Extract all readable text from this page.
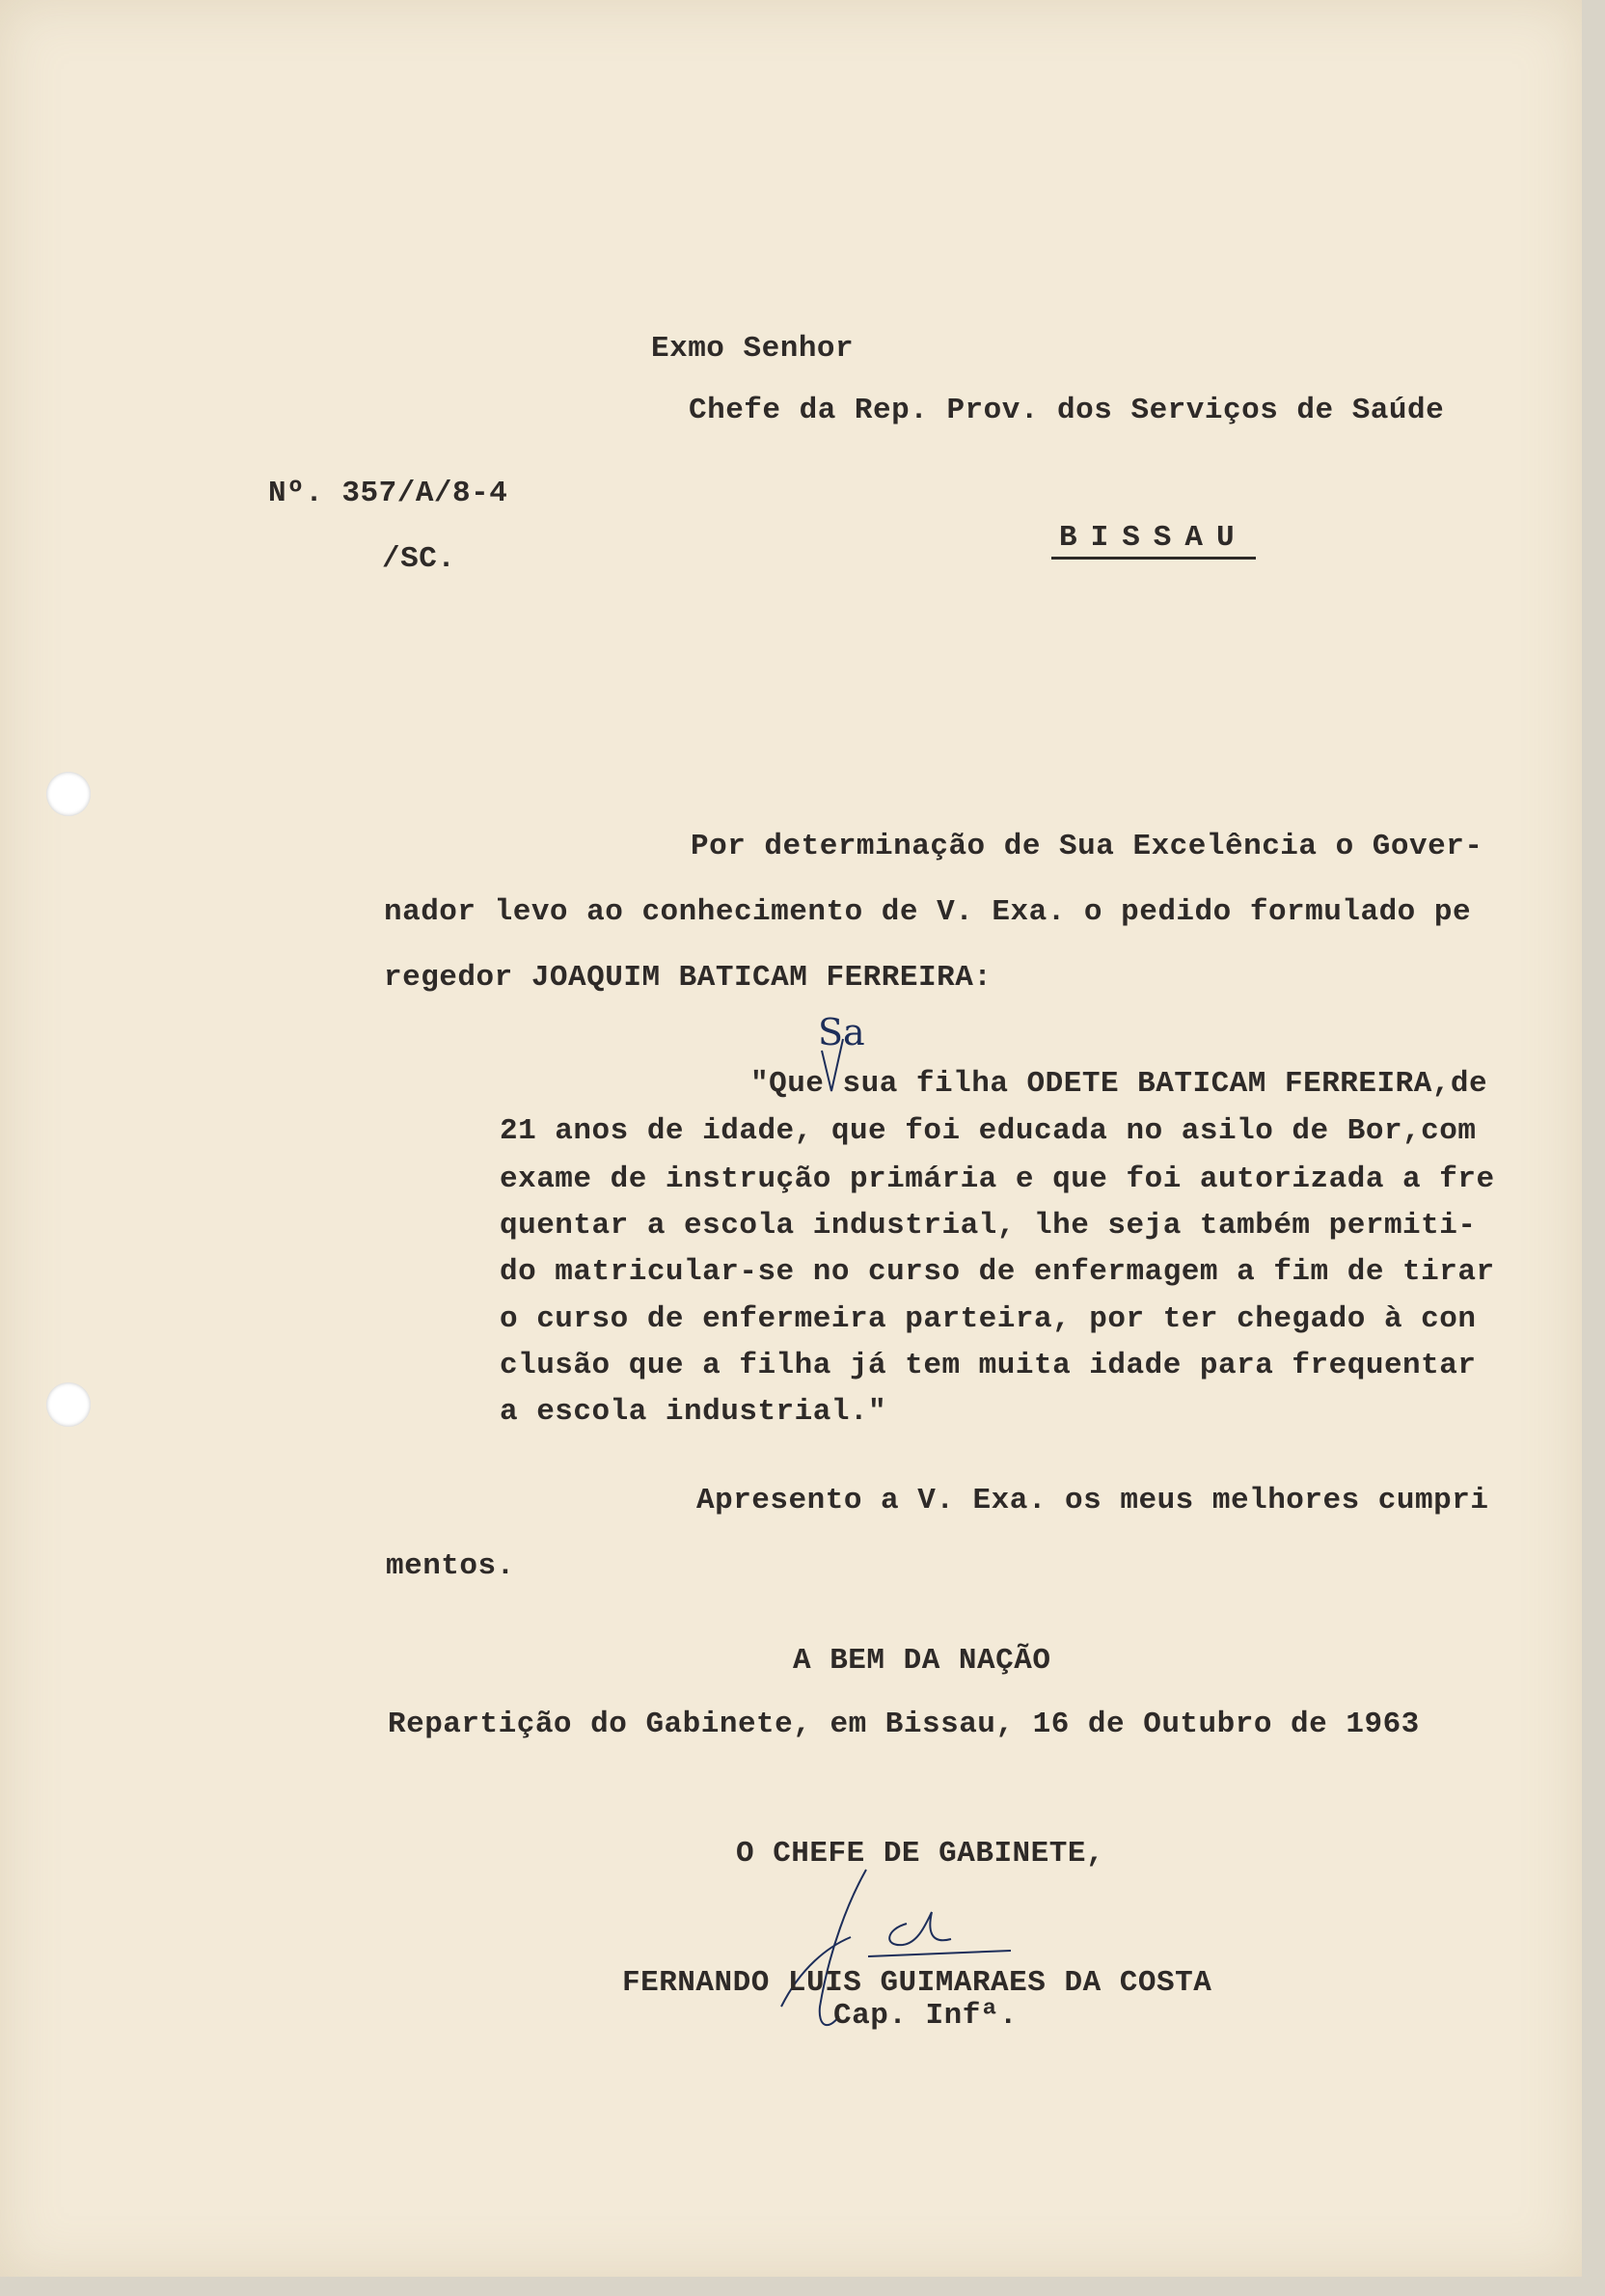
Exmo Senhor
Chefe da Rep. Prov. dos Serviços de Saúde
Nº. 357/A/8-4
/SC.
BISSAU
Por determinação de Sua Excelência o Gover-
nador levo ao conhecimento de V. Exa. o pedido formulado pe
regedor JOAQUIM BATICAM FERREIRA:
Sa
"Que sua filha ODETE BATICAM FERREIRA,de
21 anos de idade, que foi educada no asilo de Bor,com
exame de instrução primária e que foi autorizada a fre
quentar a escola industrial, lhe seja também permiti-
do matricular-se no curso de enfermagem a fim de tirar
o curso de enfermeira parteira, por ter chegado à con
clusão que a filha já tem muita idade para frequentar
a escola industrial."
Apresento a V. Exa. os meus melhores cumpri
mentos.
A BEM DA NAÇÃO
Repartição do Gabinete, em Bissau, 16 de Outubro de 1963
O CHEFE DE GABINETE,
FERNANDO LUIS GUIMARAES DA COSTA
Cap. Infª.
